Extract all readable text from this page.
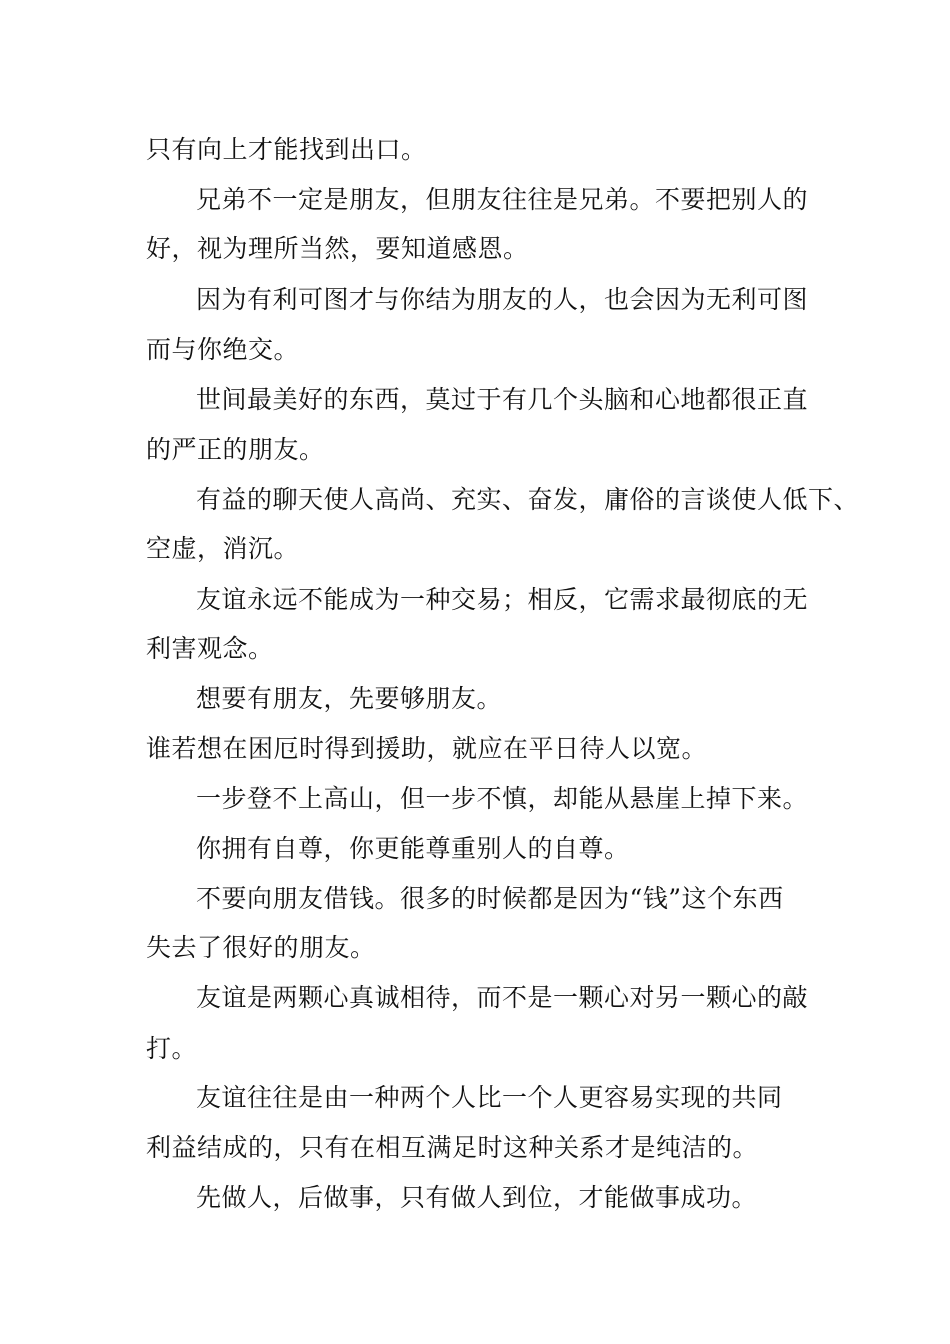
只有向上才能找到出口。
兄弟不一定是朋友，但朋友往往是兄弟。不要把别人的
好，视为理所当然，要知道感恩。
因为有利可图才与你结为朋友的人，也会因为无利可图
而与你绝交。
世间最美好的东西，莫过于有几个头脑和心地都很正直
的严正的朋友。
有益的聊天使人高尚、充实、奋发，庸俗的言谈使人低下、
空虚，消沉。
友谊永远不能成为一种交易；相反，它需求最彻底的无
利害观念。
想要有朋友，先要够朋友。
谁若想在困厄时得到援助，就应在平日待人以宽。
一步登不上高山，但一步不慎，却能从悬崖上掉下来。
你拥有自尊，你更能尊重别人的自尊。
不要向朋友借钱。很多的时候都是因为“钱”这个东西
失去了很好的朋友。
友谊是两颗心真诚相待，而不是一颗心对另一颗心的敲
打。
友谊往往是由一种两个人比一个人更容易实现的共同
利益结成的，只有在相互满足时这种关系才是纯洁的。
先做人，后做事，只有做人到位，才能做事成功。
